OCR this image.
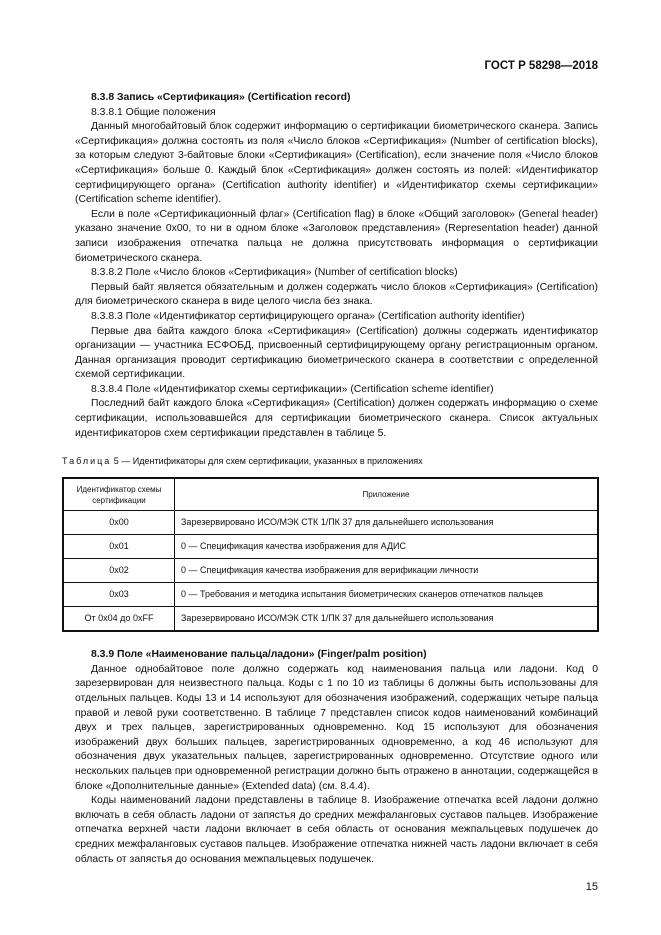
ГОСТ Р 58298—2018

8.3.8 Запись «Сертификация» (Certification record)

8.3.8.1 Общие положения

Данный многобайтовый блок содержит информацию о сертификации биометрического сканера. Запись «Сертификация» должна состоять из поля «Число блоков «Сертификация» (Number of certification blocks), за которым следуют 3-байтовые блоки «Сертификация» (Certification), если значение поля «Число блоков «Сертификация» больше 0. Каждый блок «Сертификация» должен состоять из полей: «Идентификатор сертифицирующего органа» (Certification authority identifier) и «Идентификатор схемы сертификации» (Certification scheme identifier).

Если в поле «Сертификационный флаг» (Certification flag) в блоке «Общий заголовок» (General header) указано значение 0x00, то ни в одном блоке «Заголовок представления» (Representation header) данной записи изображения отпечатка пальца не должна присутствовать информация о сертификации биометрического сканера.

8.3.8.2 Поле «Число блоков «Сертификация» (Number of certification blocks)

Первый байт является обязательным и должен содержать число блоков «Сертификация» (Certification) для биометрического сканера в виде целого числа без знака.

8.3.8.3 Поле «Идентификатор сертифицирующего органа» (Certification authority identifier)

Первые два байта каждого блока «Сертификация» (Certification) должны содержать идентификатор организации — участника ЕСФОБД, присвоенный сертифицирующему органу регистрационным органом. Данная организация проводит сертификацию биометрического сканера в соответствии с определенной схемой сертификации.

8.3.8.4 Поле «Идентификатор схемы сертификации» (Certification scheme identifier)

Последний байт каждого блока «Сертификация» (Certification) должен содержать информацию о схеме сертификации, использовавшейся для сертификации биометрического сканера. Список актуальных идентификаторов схем сертификации представлен в таблице 5.

Таблица 5 — Идентификаторы для схем сертификации, указанных в приложениях
Идентификатор схемы сертификации	Приложение
0x00	Зарезервировано ИСО/МЭК СТК 1/ПК 37 для дальнейшего использования
0x01	0 — Спецификация качества изображения для АДИС
0x02	0 — Спецификация качества изображения для верификации личности
0x03	0 — Требования и методика испытания биометрических сканеров отпечатков пальцев
От 0x04 до 0xFF	Зарезервировано ИСО/МЭК СТК 1/ПК 37 для дальнейшего использования

8.3.9 Поле «Наименование пальца/ладони» (Finger/palm position)

Данное однобайтовое поле должно содержать код наименования пальца или ладони. Код 0 зарезервирован для неизвестного пальца. Коды с 1 по 10 из таблицы 6 должны быть использованы для отдельных пальцев. Коды 13 и 14 используют для обозначения изображений, содержащих четыре пальца правой и левой руки соответственно. В таблице 7 представлен список кодов наименований комбинаций двух и трех пальцев, зарегистрированных одновременно. Код 15 используют для обозначения изображений двух больших пальцев, зарегистрированных одновременно, а код 46 используют для обозначения двух указательных пальцев, зарегистрированных одновременно. Отсутствие одного или нескольких пальцев при одновременной регистрации должно быть отражено в аннотации, содержащейся в блоке «Дополнительные данные» (Extended data) (см. 8.4.4).

Коды наименований ладони представлены в таблице 8. Изображение отпечатка всей ладони должно включать в себя область ладони от запястья до средних межфаланговых суставов пальцев. Изображение отпечатка верхней части ладони включает в себя область от основания межпальцевых подушечек до средних межфаланговых суставов пальцев. Изображение отпечатка нижней часть ладони включает в себя область от запястья до основания межпальцевых подушечек.

15
